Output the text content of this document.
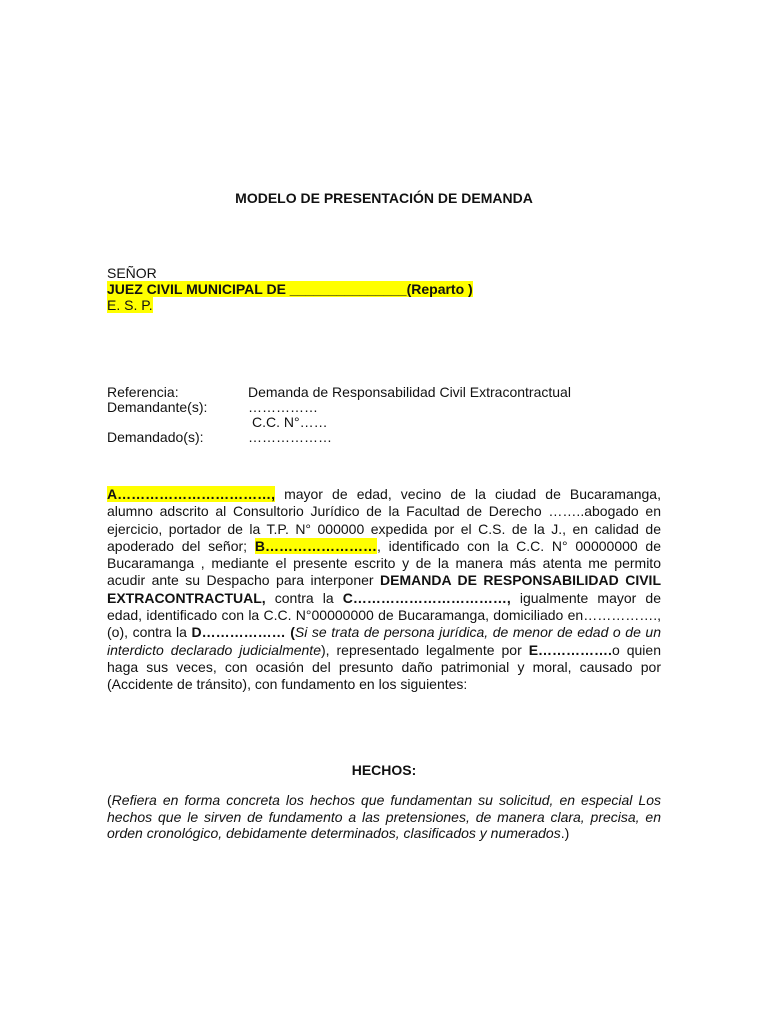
MODELO DE PRESENTACIÓN DE DEMANDA
SEÑOR
JUEZ CIVIL MUNICIPAL DE _______________(Reparto )
E. S. P.
Referencia:	Demanda de Responsabilidad Civil Extracontractual
Demandante(s):	……………
C.C. N°……
Demandado(s):	………………
A……………………………, mayor de edad, vecino de la ciudad de Bucaramanga, alumno adscrito al Consultorio Jurídico de la Facultad de Derecho ……..abogado en ejercicio, portador de la T.P. N° 000000 expedida por el C.S. de la J., en calidad de apoderado del señor; B……………………, identificado con la C.C. N° 00000000 de Bucaramanga , mediante el presente escrito y de la manera más atenta me permito acudir ante su Despacho para interponer DEMANDA DE RESPONSABILIDAD CIVIL EXTRACONTRACTUAL, contra la C……………………………, igualmente mayor de edad, identificado con la C.C. N°00000000 de Bucaramanga, domiciliado en……………., (o), contra la D……………… (Si se trata de persona jurídica, de menor de edad o de un interdicto declarado judicialmente), representado legalmente por E…………….o quien haga sus veces, con ocasión del presunto daño patrimonial y moral, causado por (Accidente de tránsito), con fundamento en los siguientes:
HECHOS:
(Refiera en forma concreta los hechos que fundamentan su solicitud, en especial Los hechos que le sirven de fundamento a las pretensiones, de manera clara, precisa, en orden cronológico, debidamente determinados, clasificados y numerados.)
